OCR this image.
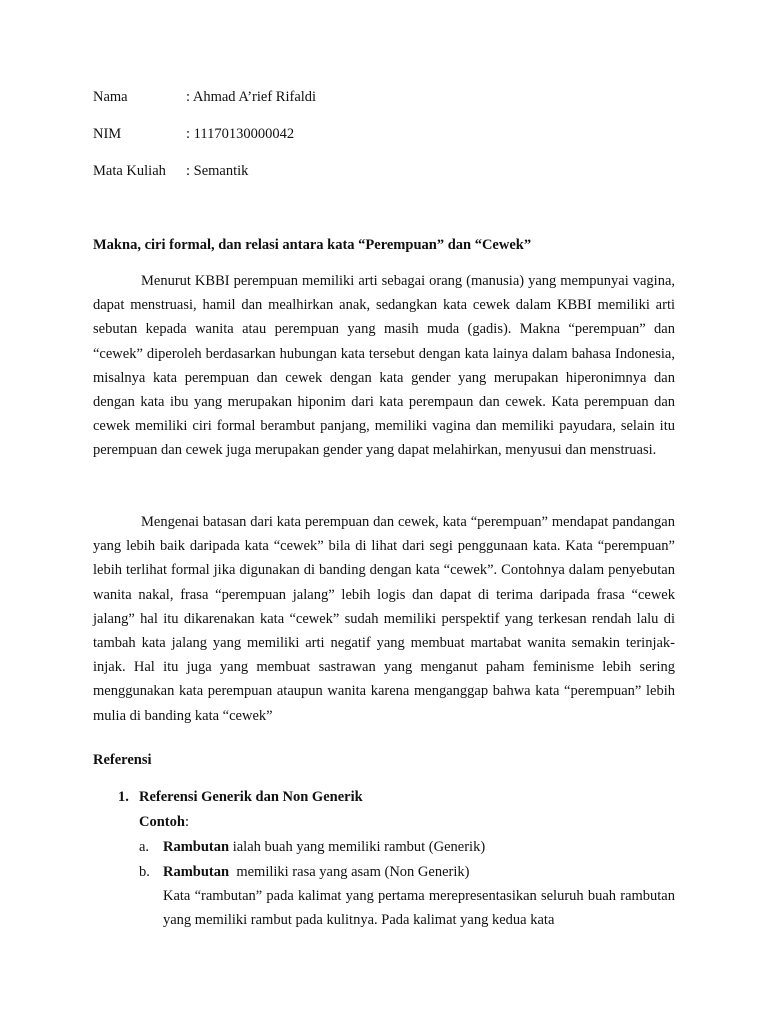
Nama	: Ahmad A’rief Rifaldi
NIM	: 11170130000042
Mata Kuliah : Semantik
Makna, ciri formal, dan relasi antara kata “Perempuan” dan “Cewek”

Menurut KBBI perempuan memiliki arti sebagai orang (manusia) yang mempunyai vagina, dapat menstruasi, hamil dan mealhirkan anak, sedangkan kata cewek dalam KBBI memiliki arti sebutan kepada wanita atau perempuan yang masih muda (gadis). Makna “perempuan” dan “cewek” diperoleh berdasarkan hubungan kata tersebut dengan kata lainya dalam bahasa Indonesia, misalnya kata perempuan dan cewek dengan kata gender yang merupakan hiperonimnya dan dengan kata ibu yang merupakan hiponim dari kata perempaun dan cewek. Kata perempuan dan cewek memiliki ciri formal berambut panjang, memiliki vagina dan memiliki payudara, selain itu perempuan dan cewek juga merupakan gender yang dapat melahirkan, menyusui dan menstruasi.

Mengenai batasan dari kata perempuan dan cewek, kata “perempuan” mendapat pandangan yang lebih baik daripada kata “cewek” bila di lihat dari segi penggunaan kata. Kata “perempuan” lebih terlihat formal jika digunakan di banding dengan kata “cewek”. Contohnya dalam penyebutan wanita nakal, frasa “perempuan jalang” lebih logis dan dapat di terima daripada frasa “cewek jalang” hal itu dikarenakan kata “cewek” sudah memiliki perspektif yang terkesan rendah lalu di tambah kata jalang yang memiliki arti negatif yang membuat martabat wanita semakin terinjak-injak. Hal itu juga yang membuat sastrawan yang menganut paham feminisme lebih sering menggunakan kata perempuan ataupun wanita karena menganggap bahwa kata “perempuan” lebih mulia di banding kata “cewek”

Referensi
1. Referensi Generik dan Non Generik
Contoh:
a. Rambutan ialah buah yang memiliki rambut (Generik)
b. Rambutan  memiliki rasa yang asam (Non Generik)

Kata “rambutan” pada kalimat yang pertama merepresentasikan seluruh buah rambutan yang memiliki rambut pada kulitnya. Pada kalimat yang kedua kata
